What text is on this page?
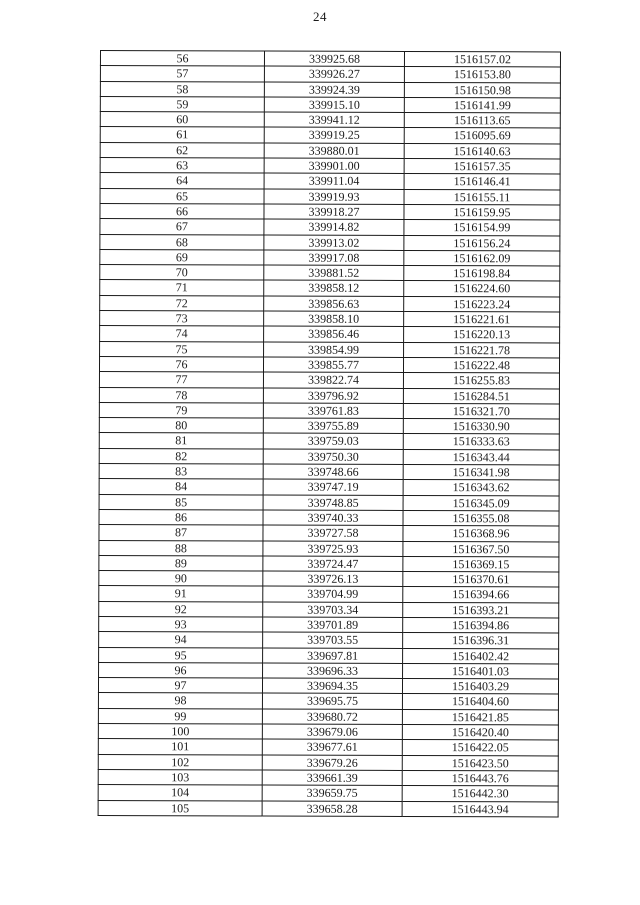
24
56	339925.68	1516157.02
57	339926.27	1516153.80
58	339924.39	1516150.98
59	339915.10	1516141.99
60	339941.12	1516113.65
61	339919.25	1516095.69
62	339880.01	1516140.63
63	339901.00	1516157.35
64	339911.04	1516146.41
65	339919.93	1516155.11
66	339918.27	1516159.95
67	339914.82	1516154.99
68	339913.02	1516156.24
69	339917.08	1516162.09
70	339881.52	1516198.84
71	339858.12	1516224.60
72	339856.63	1516223.24
73	339858.10	1516221.61
74	339856.46	1516220.13
75	339854.99	1516221.78
76	339855.77	1516222.48
77	339822.74	1516255.83
78	339796.92	1516284.51
79	339761.83	1516321.70
80	339755.89	1516330.90
81	339759.03	1516333.63
82	339750.30	1516343.44
83	339748.66	1516341.98
84	339747.19	1516343.62
85	339748.85	1516345.09
86	339740.33	1516355.08
87	339727.58	1516368.96
88	339725.93	1516367.50
89	339724.47	1516369.15
90	339726.13	1516370.61
91	339704.99	1516394.66
92	339703.34	1516393.21
93	339701.89	1516394.86
94	339703.55	1516396.31
95	339697.81	1516402.42
96	339696.33	1516401.03
97	339694.35	1516403.29
98	339695.75	1516404.60
99	339680.72	1516421.85
100	339679.06	1516420.40
101	339677.61	1516422.05
102	339679.26	1516423.50
103	339661.39	1516443.76
104	339659.75	1516442.30
105	339658.28	1516443.94
